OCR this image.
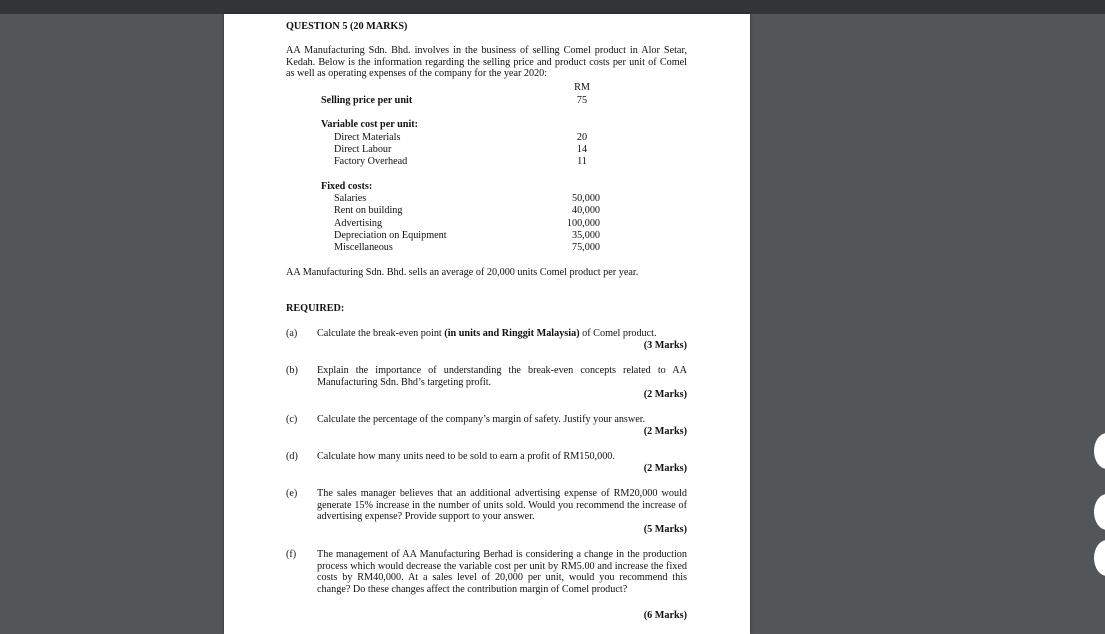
QUESTION 5 (20 MARKS)
AA Manufacturing Sdn. Bhd. involves in the business of selling Comel product in Alor Setar, Kedah. Below is the information regarding the selling price and product costs per unit of Comel as well as operating expenses of the company for the year 2020:
RM
Selling price per unit	75
Variable cost per unit:
Direct Materials	20
Direct Labour	14
Factory Overhead	11
Fixed costs:
Salaries	50,000
Rent on building	40,000
Advertising	100,000
Depreciation on Equipment	35,000
Miscellaneous	75,000
AA Manufacturing Sdn. Bhd. sells an average of 20,000 units Comel product per year.
REQUIRED:
(a) Calculate the break-even point (in units and Ringgit Malaysia) of Comel product.
(3 Marks)
(b) Explain the importance of understanding the break-even concepts related to AA Manufacturing Sdn. Bhd’s targeting profit.
(2 Marks)
(c) Calculate the percentage of the company’s margin of safety. Justify your answer.
(2 Marks)
(d) Calculate how many units need to be sold to earn a profit of RM150,000.
(2 Marks)
(e) The sales manager believes that an additional advertising expense of RM20,000 would generate 15% increase in the number of units sold. Would you recommend the increase of advertising expense? Provide support to your answer.
(5 Marks)
(f) The management of AA Manufacturing Berhad is considering a change in the production process which would decrease the variable cost per unit by RM5.00 and increase the fixed costs by RM40,000. At a sales level of 20,000 per unit, would you recommend this change? Do these changes affect the contribution margin of Comel product?
(6 Marks)
